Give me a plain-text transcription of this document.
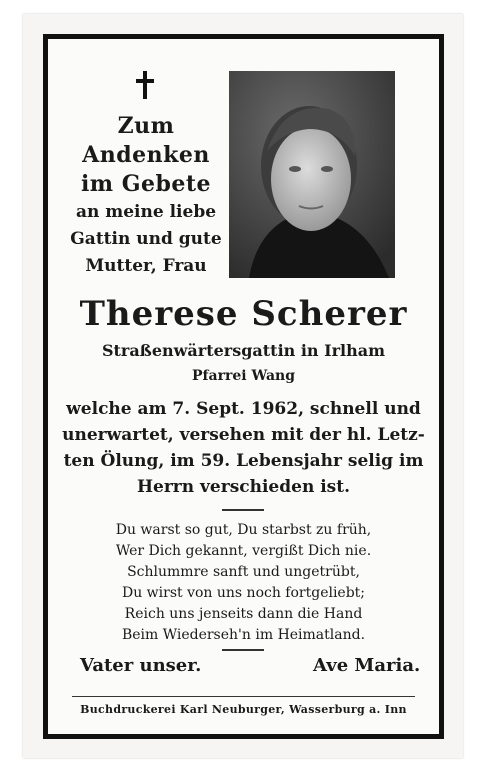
Zum
Andenken
im Gebete
an meine liebe
Gattin und gute
Mutter, Frau
Therese Scherer
Straßenwärtersgattin in Irlham
Pfarrei Wang
welche am 7. Sept. 1962, schnell und
unerwartet, versehen mit der hl. Letz-
ten Ölung, im 59. Lebensjahr selig im
Herrn verschieden ist.
Du warst so gut, Du starbst zu früh,
Wer Dich gekannt, vergißt Dich nie.
Schlummre sanft und ungetrübt,
Du wirst von uns noch fortgeliebt;
Reich uns jenseits dann die Hand
Beim Wiederseh'n im Heimatland.
Vater unser.	Ave Maria.
Buchdruckerei Karl Neuburger, Wasserburg a. Inn
